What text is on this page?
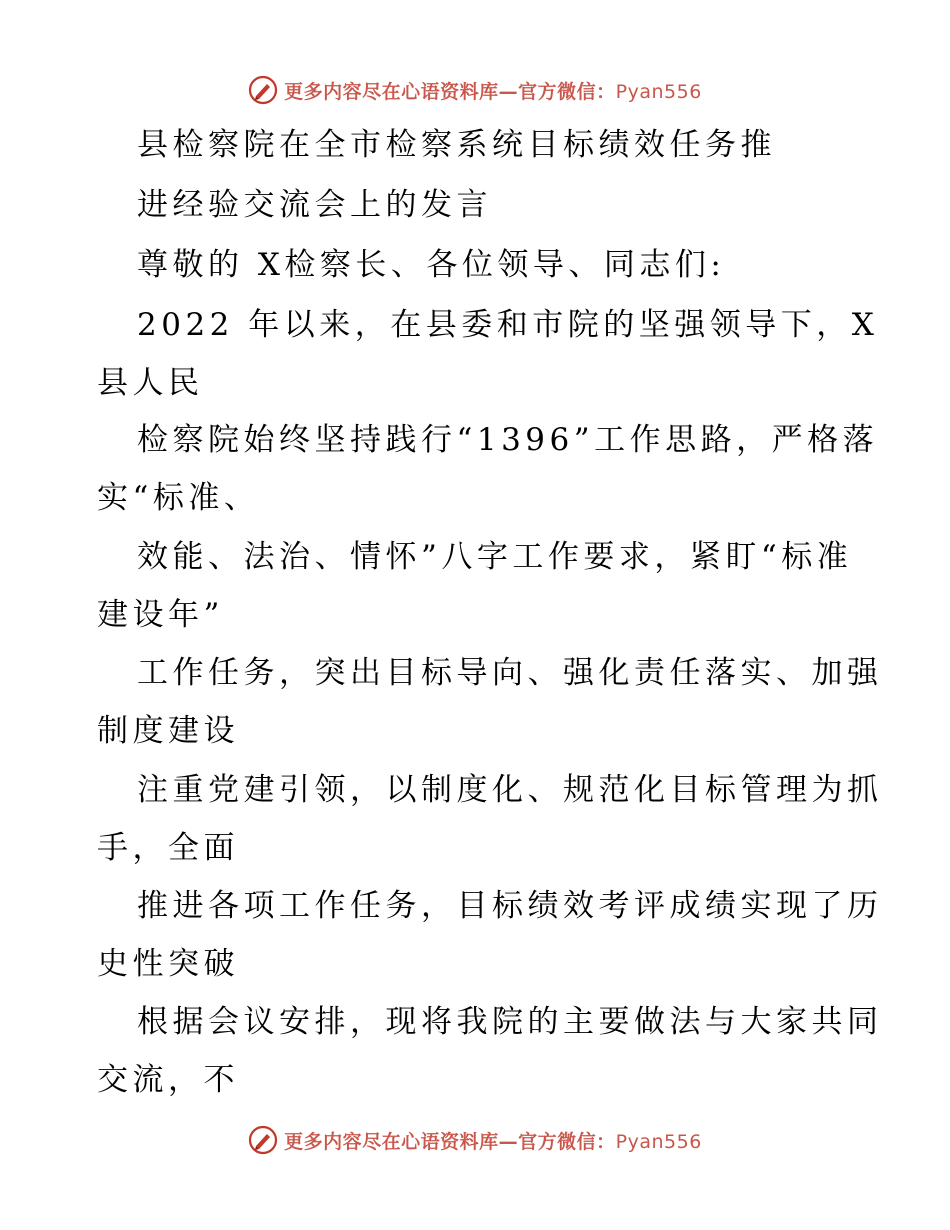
更多内容尽在心语资料库—官方微信：Pyan556
县检察院在全市检察系统目标绩效任务推
进经验交流会上的发言
尊敬的 X检察长、各位领导、同志们:
2022 年以来，在县委和市院的坚强领导下，X
县人民
检察院始终坚持践行“1396”工作思路，严格落
实“标准、
效能、法治、情怀”八字工作要求，紧盯“标准
建设年”
工作任务，突出目标导向、强化责任落实、加强
制度建设
注重党建引领，以制度化、规范化目标管理为抓
手，全面
推进各项工作任务，目标绩效考评成绩实现了历
史性突破
根据会议安排，现将我院的主要做法与大家共同
交流，不
更多内容尽在心语资料库—官方微信：Pyan556
